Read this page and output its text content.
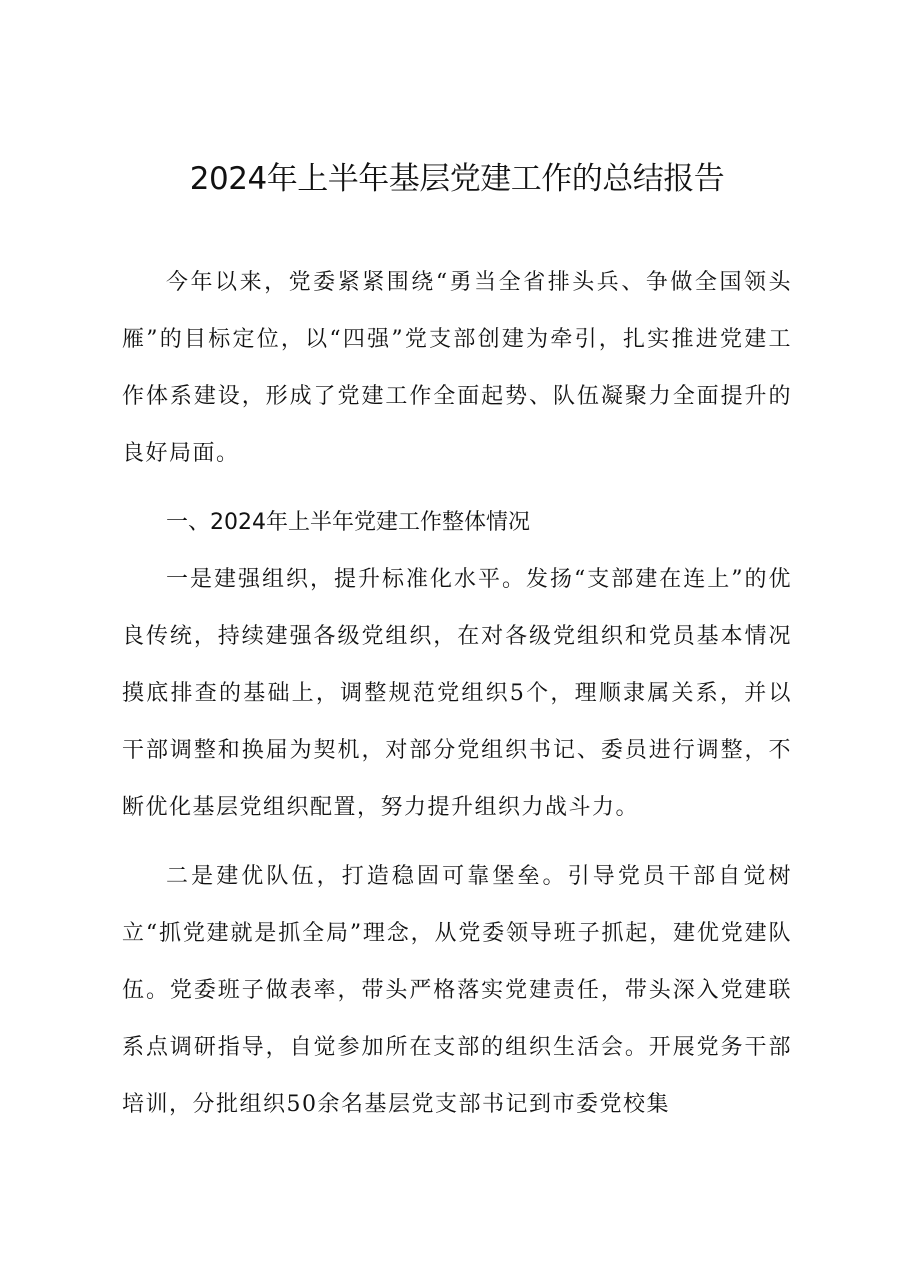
2024年上半年基层党建工作的总结报告

今年以来，党委紧紧围绕“勇当全省排头兵、争做全国领头雁”的目标定位，以“四强”党支部创建为牵引，扎实推进党建工作体系建设，形成了党建工作全面起势、队伍凝聚力全面提升的良好局面。

一、2024年上半年党建工作整体情况

一是建强组织，提升标准化水平。发扬“支部建在连上”的优良传统，持续建强各级党组织，在对各级党组织和党员基本情况摸底排查的基础上，调整规范党组织5个，理顺隶属关系，并以干部调整和换届为契机，对部分党组织书记、委员进行调整，不断优化基层党组织配置，努力提升组织力战斗力。

二是建优队伍，打造稳固可靠堡垒。引导党员干部自觉树立“抓党建就是抓全局”理念，从党委领导班子抓起，建优党建队伍。党委班子做表率，带头严格落实党建责任，带头深入党建联系点调研指导，自觉参加所在支部的组织生活会。开展党务干部培训，分批组织50余名基层党支部书记到市委党校集
